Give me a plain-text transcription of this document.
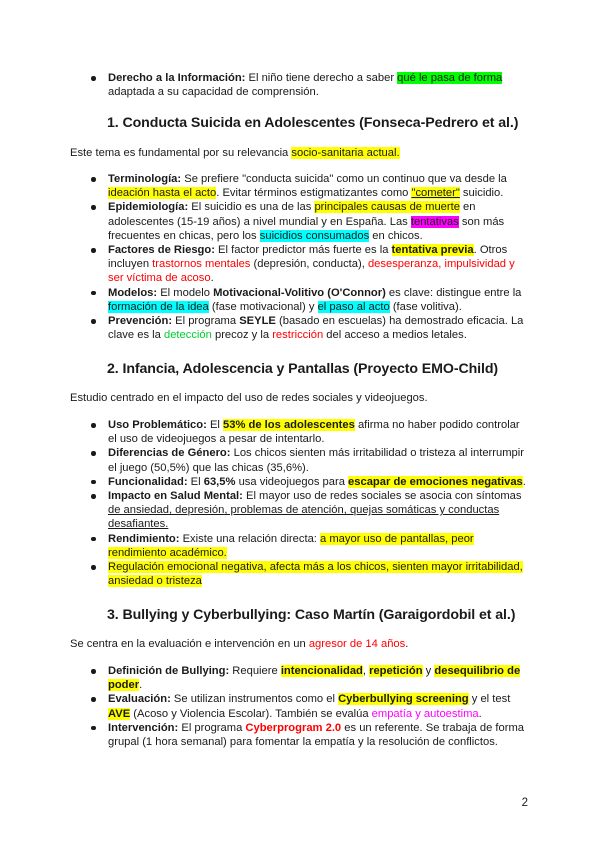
Derecho a la Información: El niño tiene derecho a saber qué le pasa de forma
adaptada a su capacidad de comprensión.
1. Conducta Suicida en Adolescentes (Fonseca-Pedrero et al.)

Este tema es fundamental por su relevancia socio-sanitaria actual.

Terminología: Se prefiere "conducta suicida" como un continuo que va desde la
ideación hasta el acto. Evitar términos estigmatizantes como "cometer" suicidio.
Epidemiología: El suicidio es una de las principales causas de muerte en
adolescentes (15-19 años) a nivel mundial y en España. Las tentativas son más
frecuentes en chicas, pero los suicidios consumados en chicos.
Factores de Riesgo: El factor predictor más fuerte es la tentativa previa. Otros
incluyen trastornos mentales (depresión, conducta), desesperanza, impulsividad y
ser víctima de acoso.
Modelos: El modelo Motivacional-Volitivo (O'Connor) es clave: distingue entre la
formación de la idea (fase motivacional) y el paso al acto (fase volitiva).
Prevención: El programa SEYLE (basado en escuelas) ha demostrado eficacia. La
clave es la detección precoz y la restricción del acceso a medios letales.
2. Infancia, Adolescencia y Pantallas (Proyecto EMO-Child)

Estudio centrado en el impacto del uso de redes sociales y videojuegos.

Uso Problemático: El 53% de los adolescentes afirma no haber podido controlar
el uso de videojuegos a pesar de intentarlo.
Diferencias de Género: Los chicos sienten más irritabilidad o tristeza al interrumpir
el juego (50,5%) que las chicas (35,6%).
Funcionalidad: El 63,5% usa videojuegos para escapar de emociones negativas.
Impacto en Salud Mental: El mayor uso de redes sociales se asocia con síntomas
de ansiedad, depresión, problemas de atención, quejas somáticas y conductas
desafiantes.
Rendimiento: Existe una relación directa: a mayor uso de pantallas, peor
rendimiento académico.
Regulación emocional negativa, afecta más a los chicos, sienten mayor irritabilidad,
ansiedad o tristeza
3. Bullying y Cyberbullying: Caso Martín (Garaigordobil et al.)

Se centra en la evaluación e intervención en un agresor de 14 años.

Definición de Bullying: Requiere intencionalidad, repetición y desequilibrio de
poder.
Evaluación: Se utilizan instrumentos como el Cyberbullying screening y el test
AVE (Acoso y Violencia Escolar). También se evalúa empatía y autoestima.
Intervención: El programa Cyberprogram 2.0 es un referente. Se trabaja de forma
grupal (1 hora semanal) para fomentar la empatía y la resolución de conflictos.
2
